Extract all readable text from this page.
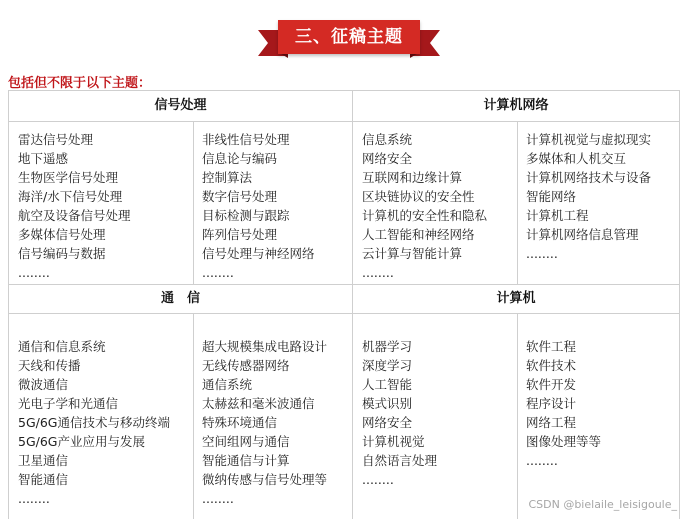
三、征稿主题
包括但不限于以下主题：
信号处理	计算机网络
通　信	计算机
雷达信号处理
地下遥感
生物医学信号处理
海洋/水下信号处理
航空及设备信号处理
多媒体信号处理
信号编码与数据
........
非线性信号处理
信息论与编码
控制算法
数字信号处理
目标检测与跟踪
阵列信号处理
信号处理与神经网络
........
信息系统
网络安全
互联网和边缘计算
区块链协议的安全性
计算机的安全性和隐私
人工智能和神经网络
云计算与智能计算
........
计算机视觉与虚拟现实
多媒体和人机交互
计算机网络技术与设备
智能网络
计算机工程
计算机网络信息管理
........
通信和信息系统
天线和传播
微波通信
光电子学和光通信
5G/6G通信技术与移动终端
5G/6G产业应用与发展
卫星通信
智能通信
........
超大规模集成电路设计
无线传感器网络
通信系统
太赫兹和毫米波通信
特殊环境通信
空间组网与通信
智能通信与计算
微纳传感与信号处理等
........
机器学习
深度学习
人工智能
模式识别
网络安全
计算机视觉
自然语言处理
........
软件工程
软件技术
软件开发
程序设计
网络工程
图像处理等等
........
CSDN @bielaile_leisigoule_
